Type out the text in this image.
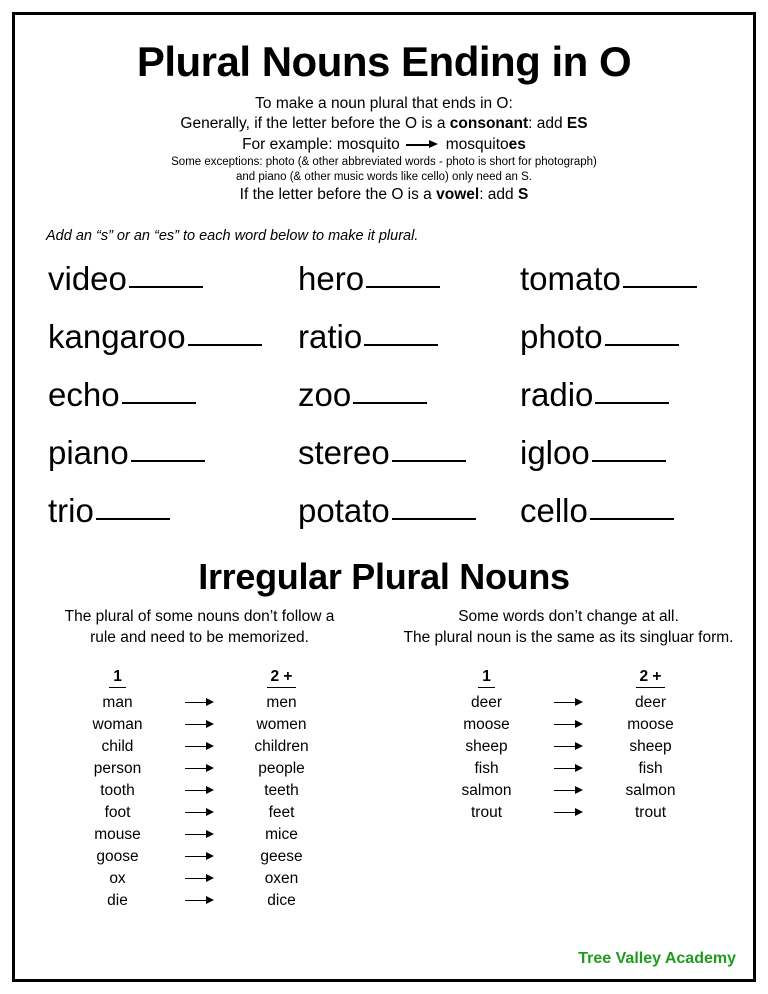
Plural Nouns Ending in O
To make a noun plural that ends in O:
Generally, if the letter before the O is a consonant: add ES
For example: mosquito	mosquitoes
Some exceptions: photo (& other abbreviated words - photo is short for photograph)
and piano (& other music words like cello) only need an S.
If the letter before the O is a vowel: add S
Add an “s” or an “es” to each word below to make it plural.
video	hero	tomato
kangaroo	ratio	photo
echo	zoo	radio
piano	stereo	igloo
trio	potato	cello
Irregular Plural Nouns
The plural of some nouns don’t follow a
rule and need to be memorized.
1		2 +
man		men
woman		women
child		children
person		people
tooth		teeth
foot		feet
mouse		mice
goose		geese
ox		oxen
die		dice
Some words don’t change at all.
The plural noun is the same as its singluar form.
1		2 +
deer		deer
moose		moose
sheep		sheep
fish		fish
salmon		salmon
trout		trout
Tree Valley Academy
